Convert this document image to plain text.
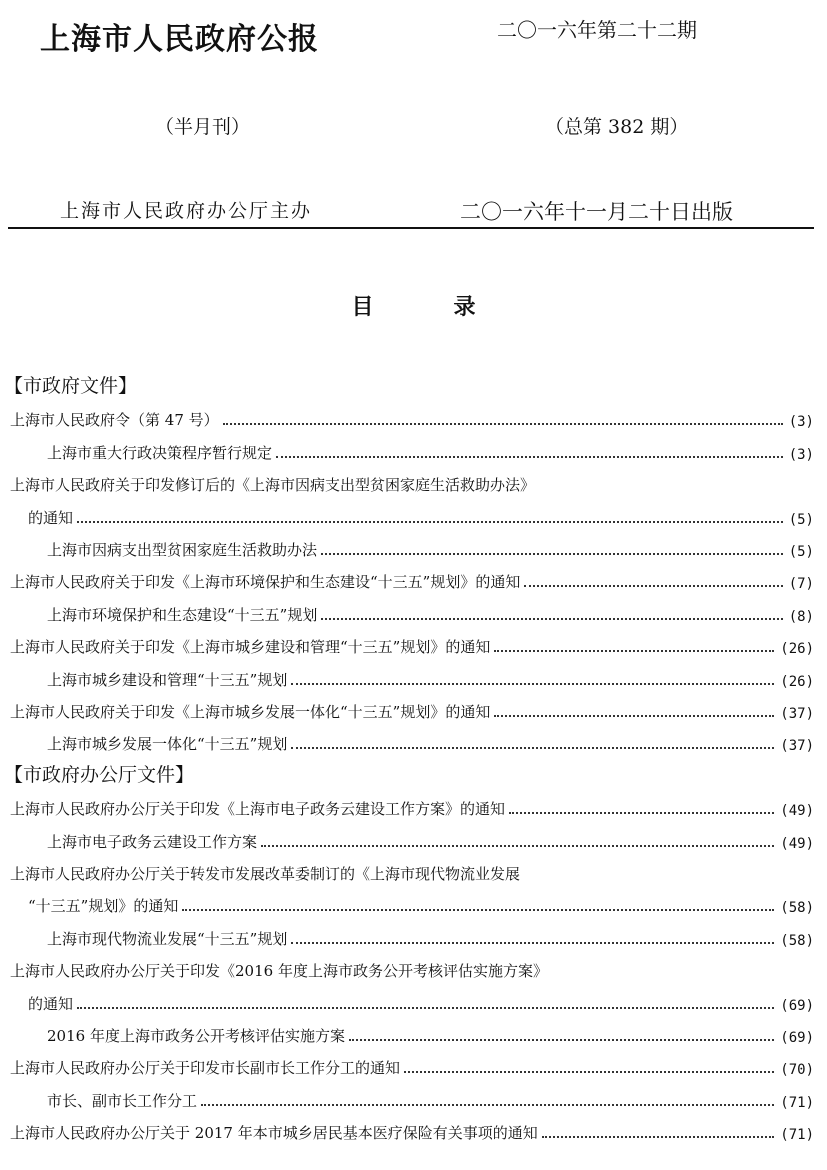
上海市人民政府公报	二〇一六年第二十二期
（半月刊）	（总第 382 期）
上海市人民政府办公厅主办	二〇一六年十一月二十日出版
目	录
【市政府文件】
上海市人民政府令（第 47 号）	(3)
上海市重大行政决策程序暂行规定	(3)
上海市人民政府关于印发修订后的《上海市因病支出型贫困家庭生活救助办法》
的通知	(5)
上海市因病支出型贫困家庭生活救助办法	(5)
上海市人民政府关于印发《上海市环境保护和生态建设“十三五”规划》的通知	(7)
上海市环境保护和生态建设“十三五”规划	(8)
上海市人民政府关于印发《上海市城乡建设和管理“十三五”规划》的通知	(26)
上海市城乡建设和管理“十三五”规划	(26)
上海市人民政府关于印发《上海市城乡发展一体化“十三五”规划》的通知	(37)
上海市城乡发展一体化“十三五”规划	(37)
【市政府办公厅文件】
上海市人民政府办公厅关于印发《上海市电子政务云建设工作方案》的通知	(49)
上海市电子政务云建设工作方案	(49)
上海市人民政府办公厅关于转发市发展改革委制订的《上海市现代物流业发展
“十三五”规划》的通知	(58)
上海市现代物流业发展“十三五”规划	(58)
上海市人民政府办公厅关于印发《2016 年度上海市政务公开考核评估实施方案》
的通知	(69)
2016 年度上海市政务公开考核评估实施方案	(69)
上海市人民政府办公厅关于印发市长副市长工作分工的通知	(70)
市长、副市长工作分工	(71)
上海市人民政府办公厅关于 2017 年本市城乡居民基本医疗保险有关事项的通知	(71)
